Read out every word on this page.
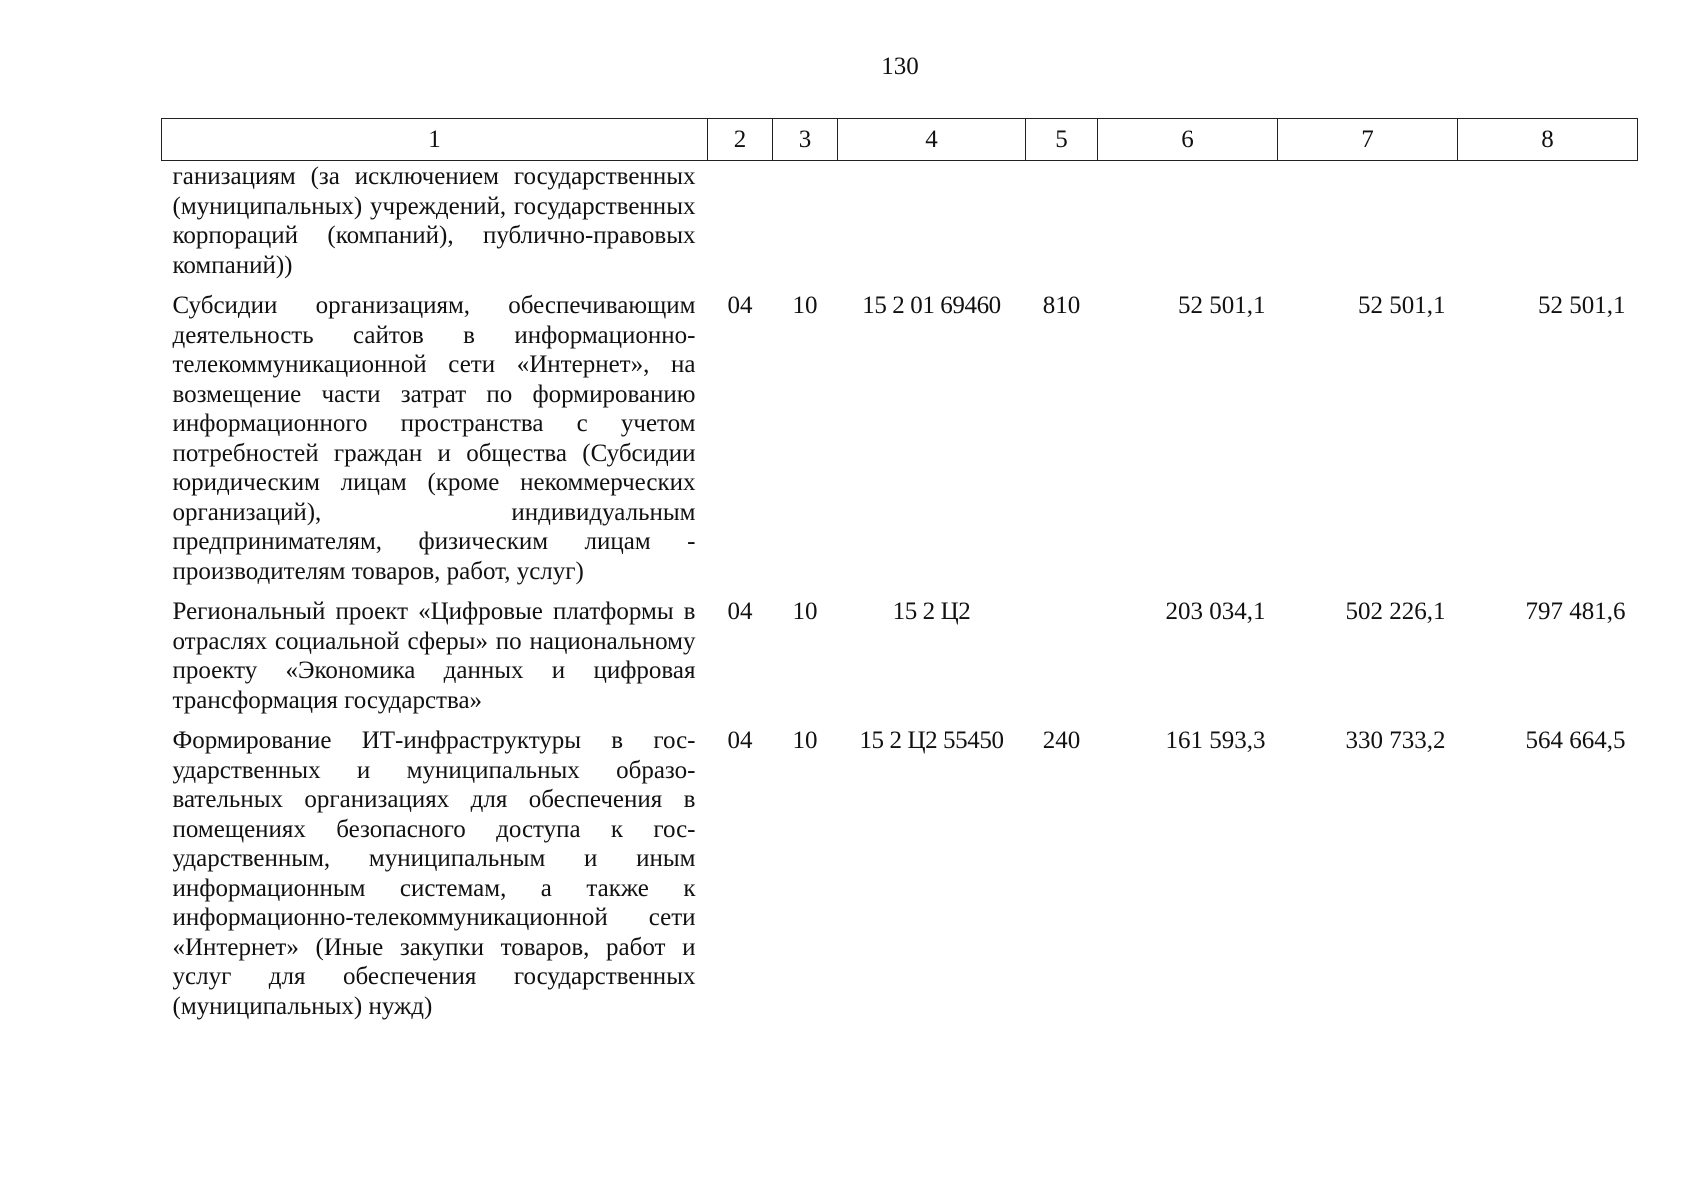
130
1	2	3	4	5	6	7	8
ганизациям (за исключением государственных (муниципальных) учреждений, государственных корпораций (компаний), публично-правовых компаний))							
Субсидии организациям, обеспечивающим деятельность сайтов в информационно-телекоммуникационной сети «Интернет», на возмещение части затрат по формированию информационного пространства с учетом потребностей граждан и общества (Субсидии юридическим лицам (кроме некоммерческих организаций), индивидуальным предпринимателям, физическим лицам - производителям товаров, работ, услуг)	04	10	15 2 01 69460	810	52 501,1	52 501,1	52 501,1
Региональный проект «Цифровые платформы в отраслях социальной сферы» по национальному проекту «Экономика данных и цифровая трансформация государства»	04	10	15 2 Ц2		203 034,1	502 226,1	797 481,6
Формирование ИТ-инфраструктуры в государственных и муниципальных образовательных организациях для обеспечения в помещениях безопасного доступа к государственным, муниципальным и иным информационным системам, а также к информационно-телекоммуникационной сети «Интернет» (Иные закупки товаров, работ и услуг для обеспечения государственных (муниципальных) нужд)	04	10	15 2 Ц2 55450	240	161 593,3	330 733,2	564 664,5
